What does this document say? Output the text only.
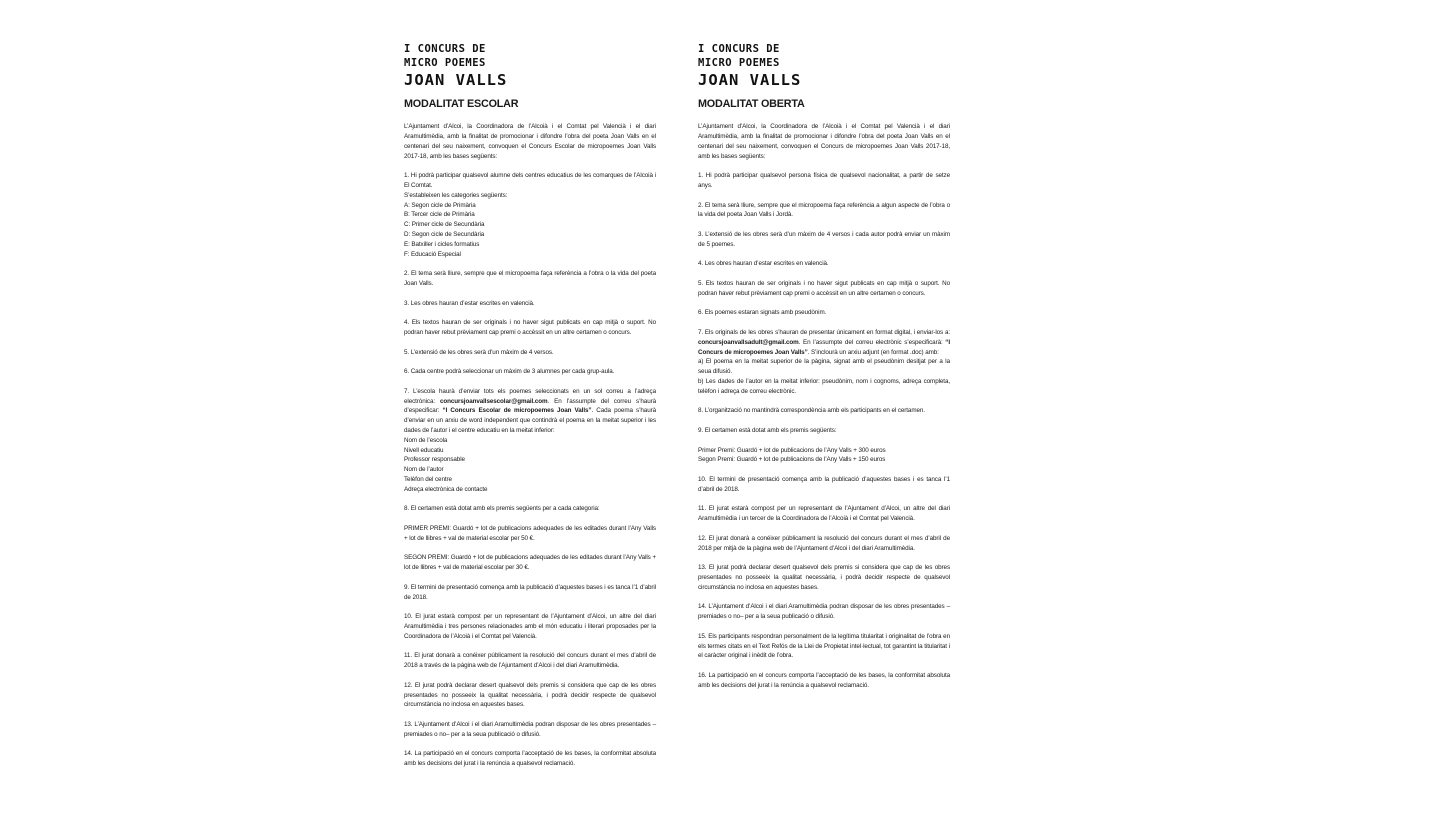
I CONCURS DE
MICRO POEMES
JOAN VALLS
MODALITAT ESCOLAR
L’Ajuntament d’Alcoi, la Coordinadora de l’Alcoià i el Comtat pel Valencià i el diari Aramultimèdia, amb la finalitat de promocionar i difondre l’obra del poeta Joan Valls en el centenari del seu naixement, convoquen el Concurs Escolar de micropoemes Joan Valls 2017-18, amb les bases següents:
1. Hi podrà participar qualsevol alumne dels centres educatius de les comarques de l’Alcoià i El Comtat.
S’estableixen les categories següents:
A: Segon cicle de Primària
B: Tercer cicle de Primària
C: Primer cicle de Secundària
D: Segon cicle de Secundària
E: Batxiller i cicles formatius
F: Educació Especial
2. El tema serà lliure, sempre que el micropoema faça referència a l’obra o la vida del poeta Joan Valls.
3. Les obres hauran d’estar escrites en valencià.
4. Els textos hauran de ser originals i no haver sigut publicats en cap mitjà o suport. No podran haver rebut prèviament cap premi o accèssit en un altre certamen o concurs.
5. L’extensió de les obres serà d’un màxim de 4 versos.
6. Cada centre podrà seleccionar un màxim de 3 alumnes per cada grup-aula.
7. L’escola haurà d’enviar tots els poemes seleccionats en un sol correu a l’adreça electrònica: concursjoanvallsescolar@gmail.com. En l’assumpte del correu s’haurà d’especificar: “I Concurs Escolar de micropoemes Joan Valls”. Cada poema s’haurà d’enviar en un arxiu de word independent que contindrà el poema en la meitat superior i les dades de l’autor i el centre educatiu en la meitat inferior:
Nom de l’escola
Nivell educatiu
Professor responsable
Nom de l’autor
Telèfon del centre
Adreça electrònica de contacte
8. El certamen està dotat amb els premis següents per a cada categoria:
PRIMER PREMI: Guardó + lot de publicacions adequades de les editades durant l’Any Valls + lot de llibres + val de material escolar per 50 €.
SEGON PREMI: Guardó + lot de publicacions adequades de les editades durant l’Any Valls + lot de llibres + val de material escolar per 30 €.
9. El termini de presentació comença amb la publicació d’aquestes bases i es tanca l’1 d’abril de 2018.
10. El jurat estarà compost per un representant de l’Ajuntament d’Alcoi, un altre del diari Aramultimèdia i tres persones relacionades amb el món educatiu i literari proposades per la Coordinadora de l’Alcoià i el Comtat pel Valencià.
11. El jurat donarà a conéixer públicament la resolució del concurs durant el mes d’abril de 2018 a través de la pàgina web de l’Ajuntament d’Alcoi i del diari Aramultimèdia.
12. El jurat podrà declarar desert qualsevol dels premis si considera que cap de les obres presentades no posseeix la qualitat necessària, i podrà decidir respecte de qualsevol circumstància no inclosa en aquestes bases.
13. L’Ajuntament d’Alcoi i el diari Aramultimèdia podran disposar de les obres presentades –premiades o no– per a la seua publicació o difusió.
14. La participació en el concurs comporta l’acceptació de les bases, la conformitat absoluta amb les decisions del jurat i la renúncia a qualsevol reclamació.
I CONCURS DE
MICRO POEMES
JOAN VALLS
MODALITAT OBERTA
L’Ajuntament d’Alcoi, la Coordinadora de l’Alcoià i el Comtat pel Valencià i el diari Aramultimèdia, amb la finalitat de promocionar i difondre l’obra del poeta Joan Valls en el centenari del seu naixement, convoquen el Concurs de micropoemes Joan Valls 2017-18, amb les bases següents:
1. Hi podrà participar qualsevol persona física de qualsevol nacionalitat, a partir de setze anys.
2. El tema serà lliure, sempre que el micropoema faça referència a algun aspecte de l’obra o la vida del poeta Joan Valls i Jordà.
3. L’extensió de les obres serà d’un màxim de 4 versos i cada autor podrà enviar un màxim de 5 poemes.
4. Les obres hauran d’estar escrites en valencià.
5. Els textos hauran de ser originals i no haver sigut publicats en cap mitjà o suport. No podran haver rebut prèviament cap premi o accèssit en un altre certamen o concurs.
6. Els poemes estaran signats amb pseudònim.
7. Els originals de les obres s’hauran de presentar únicament en format digital, i enviar-los a: concursjoanvallsadult@gmail.com. En l’assumpte del correu electrònic s’especificarà: “I Concurs de micropoemes Joan Valls”. S’inclourà un arxiu adjunt (en format .doc) amb:
a) El poema en la meitat superior de la pàgina, signat amb el pseudònim desitjat per a la seua difusió.
b) Les dades de l’autor en la meitat inferior: pseudònim, nom i cognoms, adreça completa, telèfon i adreça de correu electrònic.
8. L’organització no mantindrà correspondència amb els participants en el certamen.
9. El certamen està dotat amb els premis següents:
Primer Premi: Guardó + lot de publicacions de l’Any Valls + 300 euros
Segon Premi: Guardó + lot de publicacions de l’Any Valls + 150 euros
10. El termini de presentació comença amb la publicació d’aquestes bases i es tanca l’1 d’abril de 2018.
11. El jurat estarà compost per un representant de l’Ajuntament d’Alcoi, un altre del diari Aramultimèdia i un tercer de la Coordinadora de l’Alcoià i el Comtat pel Valencià.
12. El jurat donarà a conéixer públicament la resolució del concurs durant el mes d’abril de 2018 per mitjà de la pàgina web de l’Ajuntament d’Alcoi i del diari Aramultimèdia.
13. El jurat podrà declarar desert qualsevol dels premis si considera que cap de les obres presentades no posseeix la qualitat necessària, i podrà decidir respecte de qualsevol circumstància no inclosa en aquestes bases.
14. L’Ajuntament d’Alcoi i el diari Aramultimèdia podran disposar de les obres presentades –premiades o no– per a la seua publicació o difusió.
15. Els participants respondran personalment de la legítima titularitat i originalitat de l’obra en els termes citats en el Text Refós de la Llei de Propietat intel·lectual, tot garantint la titularitat i el caràcter original i inèdit de l’obra.
16. La participació en el concurs comporta l’acceptació de les bases, la conformitat absoluta amb les decisions del jurat i la renúncia a qualsevol reclamació.
